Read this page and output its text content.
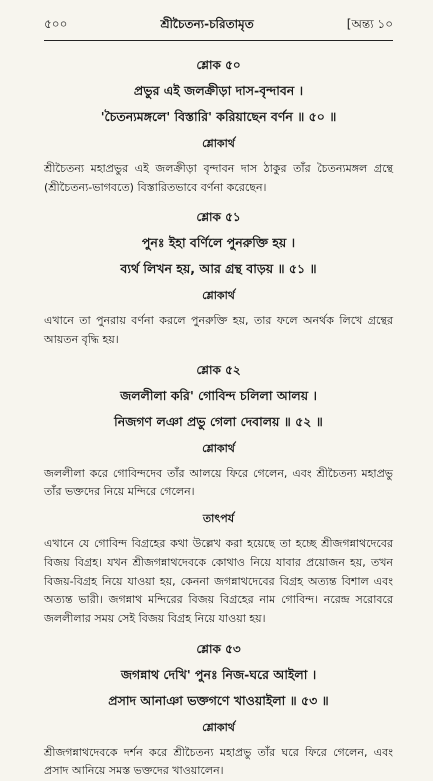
৫০০	শ্রীচৈতন্য-চরিতামৃত	[অন্ত্য ১০
শ্লোক ৫০
প্রভুর এই জলক্রীড়া দাস-বৃন্দাবন ।
'চৈতন্যমঙ্গলে' বিস্তারি' করিয়াছেন বর্ণন ॥ ৫০ ॥
শ্লোকার্থ

শ্রীচৈতন্য মহাপ্রভুর এই জলক্রীড়া বৃন্দাবন দাস ঠাকুর তাঁর চৈতন্যমঙ্গল গ্রন্থে (শ্রীচৈতন্য-ভাগবতে) বিস্তারিতভাবে বর্ণনা করেছেন।

শ্লোক ৫১
পুনঃ ইহা বর্ণিলে পুনরুক্তি হয় ।
ব্যর্থ লিখন হয়, আর গ্রন্থ বাড়য় ॥ ৫১ ॥
শ্লোকার্থ

এখানে তা পুনরায় বর্ণনা করলে পুনরুক্তি হয়, তার ফলে অনর্থক লিখে গ্রন্থের আয়তন বৃদ্ধি হয়।

শ্লোক ৫২
জললীলা করি' গোবিন্দ চলিলা আলয় ।
নিজগণ লঞা প্রভু গেলা দেবালয় ॥ ৫২ ॥
শ্লোকার্থ

জললীলা করে গোবিন্দদেব তাঁর আলয়ে ফিরে গেলেন, এবং শ্রীচৈতন্য মহাপ্রভু তাঁর ভক্তদের নিয়ে মন্দিরে গেলেন।

তাৎপর্য

এখানে যে গোবিন্দ বিগ্রহের কথা উল্লেখ করা হয়েছে তা হচ্ছে শ্রীজগন্নাথদেবের বিজয় বিগ্রহ। যখন শ্রীজগন্নাথদেবকে কোথাও নিয়ে যাবার প্রয়োজন হয়, তখন বিজয়-বিগ্রহ নিয়ে যাওয়া হয়, কেননা জগন্নাথদেবের বিগ্রহ অত্যন্ত বিশাল এবং অত্যন্ত ভারী। জগন্নাথ মন্দিরের বিজয় বিগ্রহের নাম গোবিন্দ। নরেন্দ্র সরোবরে জললীলার সময় সেই বিজয় বিগ্রহ নিয়ে যাওয়া হয়।

শ্লোক ৫৩
জগন্নাথ দেখি' পুনঃ নিজ-ঘরে আইলা ।
প্রসাদ আনাঞা ভক্তগণে খাওয়াইলা ॥ ৫৩ ॥
শ্লোকার্থ

শ্রীজগন্নাথদেবকে দর্শন করে শ্রীচৈতন্য মহাপ্রভু তাঁর ঘরে ফিরে গেলেন, এবং প্রসাদ আনিয়ে সমস্ত ভক্তদের খাওয়ালেন।
